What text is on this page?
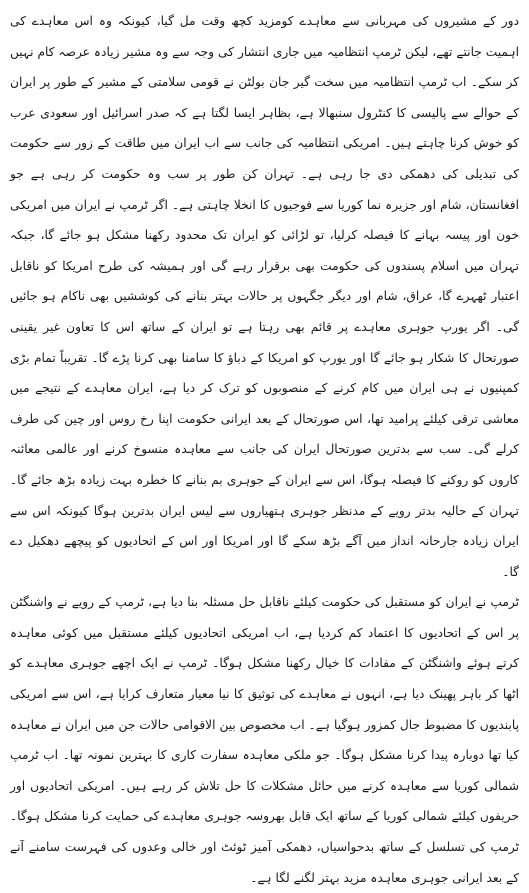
دور کے مشیروں کی مہربانی سے معاہدے کومزید کچھ وقت مل گیا، کیونکہ وہ اس معاہدے کی اہمیت جانتے تھے، لیکن ٹرمپ انتظامیہ میں جاری انتشار کی وجہ سے وہ مشیر زیادہ عرصہ کام نہیں کر سکے۔ اب ٹرمپ انتظامیہ میں سخت گیر جان بولٹن نے قومی سلامتی کے مشیر کے طور پر ایران کے حوالے سے پالیسی کا کنٹرول سنبھالا ہے، بظاہر ایسا لگتا ہے کہ صدر اسرائیل اور سعودی عرب کو خوش کرنا چاہتے ہیں۔ امریکی انتظامیہ کی جانب سے اب ایران میں طاقت کے زور سے حکومت کی تبدیلی کی دھمکی دی جا رہی ہے۔ تہران کن طور پر سب وہ حکومت کر رہی ہے جو افغانستان، شام اور جزیرہ نما کوریا سے فوجیوں کا انخلا چاہتی ہے۔ اگر ٹرمپ نے ایران میں امریکی خون اور پیسہ بہانے کا فیصلہ کرلیا، تو لڑائی کو ایران تک محدود رکھنا مشکل ہو جائے گا، جبکہ تہران میں اسلام پسندوں کی حکومت بھی برقرار رہے گی اور ہمیشہ کی طرح امریکا کو ناقابل اعتبار ٹھہرے گا، عراق، شام اور دیگر جگہوں پر حالات بہتر بنانے کی کوششیں بھی ناکام ہو جائیں گی۔ اگر یورپ جوہری معاہدے پر قائم بھی رہتا ہے تو ایران کے ساتھ اس کا تعاون غیر یقینی صورتحال کا شکار ہو جائے گا اور یورپ کو امریکا کے دباؤ کا سامنا بھی کرنا پڑے گا۔ تقریباً تمام بڑی کمپنیوں نے ہی ایران میں کام کرنے کے منصوبوں کو ترک کر دیا ہے، ایران معاہدے کے نتیجے میں معاشی ترقی کیلئے پرامید تھا، اس صورتحال کے بعد ایرانی حکومت اپنا رخ روس اور چین کی طرف کرلے گی۔ سب سے بدترین صورتحال ایران کی جانب سے معاہدہ منسوخ کرنے اور عالمی معائنہ کاروں کو روکنے کا فیصلہ ہوگا، اس سے ایران کے جوہری بم بنانے کا خطرہ بہت زیادہ بڑھ جائے گا۔ تہران کے حالیہ بدتر رویے کے مدنظر جوہری ہتھیاروں سے لیس ایران بدترین ہوگا کیونکہ اس سے ایران زیادہ جارحانہ انداز میں آگے بڑھ سکے گا اور امریکا اور اس کے اتحادیوں کو پیچھے دھکیل دے گا۔

ٹرمپ نے ایران کو مستقبل کی حکومت کیلئے ناقابل حل مسئلہ بنا دیا ہے، ٹرمپ کے رویے نے واشنگٹن پر اس کے اتحادیوں کا اعتماد کم کردیا ہے، اب امریکی اتحادیوں کیلئے مستقبل میں کوئی معاہدہ کرتے ہوئے واشنگٹن کے مفادات کا خیال رکھنا مشکل ہوگا۔ ٹرمپ نے ایک اچھے جوہری معاہدے کو اٹھا کر باہر پھینک دیا ہے، انہوں نے معاہدے کی توثیق کا نیا معیار متعارف کرایا ہے، اس سے امریکی پابندیوں کا مضبوط جال کمزور ہوگیا ہے۔ اب مخصوص بین الاقوامی حالات جن میں ایران نے معاہدہ کیا تھا دوبارہ پیدا کرنا مشکل ہوگا۔ جو ملکی معاہدہ سفارت کاری کا بہترین نمونہ تھا۔ اب ٹرمپ شمالی کوریا سے معاہدہ کرنے میں حائل مشکلات کا حل تلاش کر رہے ہیں۔ امریکی اتحادیوں اور حریفوں کیلئے شمالی کوریا کے ساتھ ایک قابل بھروسہ جوہری معاہدے کی حمایت کرنا مشکل ہوگا۔ ٹرمپ کی تسلسل کے ساتھ بدحواسیاں، دھمکی آمیز ٹوئٹ اور خالی وعدوں کی فہرست سامنے آنے کے بعد ایرانی جوہری معاہدہ مزید بہتر لگنے لگا ہے۔
